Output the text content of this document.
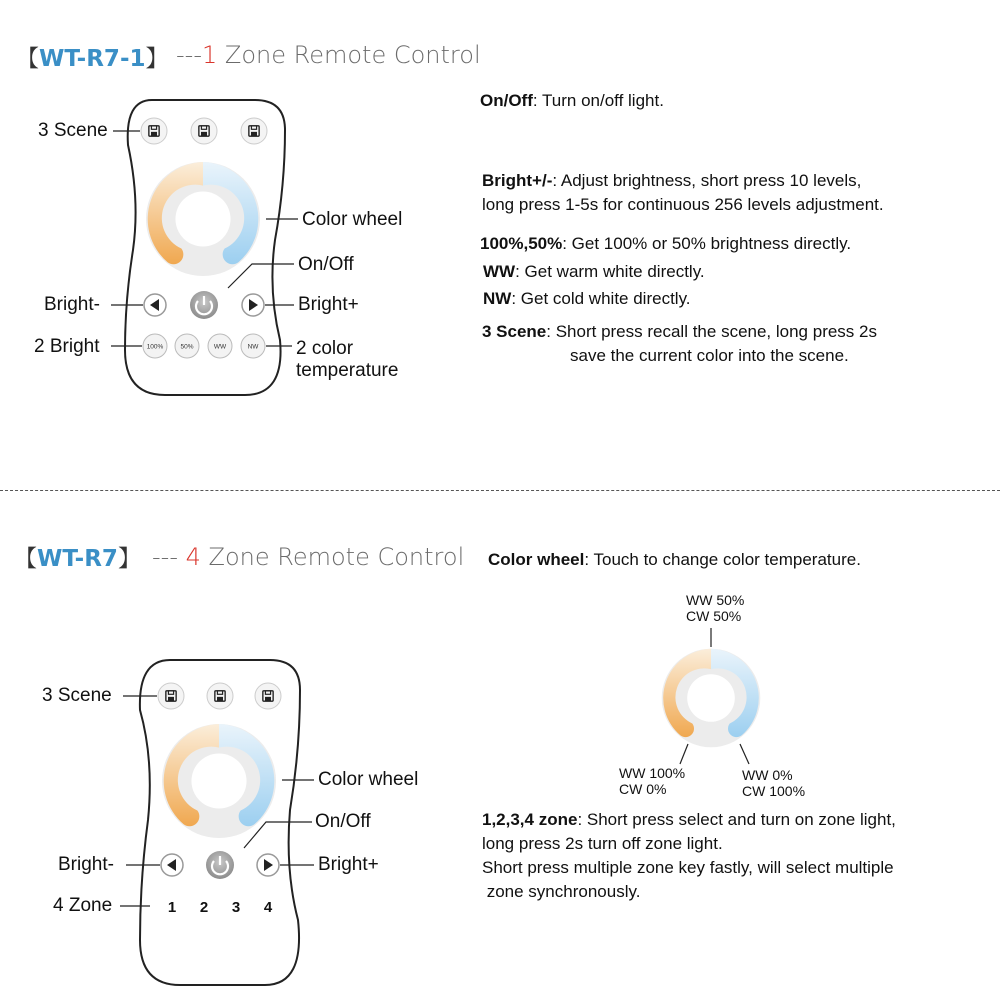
【WT-R7-1】 ---1 Zone Remote Control
100%	50%	WW	NW
3 Scene
Color wheel
On/Off
Bright-	Bright+
2 Bright	2 color
temperature
On/Off: Turn on/off light.
Bright+/-: Adjust brightness, short press 10 levels,
long press 1-5s for continuous 256 levels adjustment.
100%,50%: Get 100% or 50% brightness directly.
WW: Get warm white directly.
NW: Get cold white directly.
3 Scene: Short press recall the scene, long press 2s
save the current color into the scene.
【WT-R7】 --- 4 Zone Remote Control
1 2 3 4
3 Scene
Color wheel
On/Off
Bright-	Bright+
4 Zone
Color wheel: Touch to change color temperature.
WW 50%
CW 50%
WW 100%
CW 0%
WW 0%
CW 100%
1,2,3,4 zone: Short press select and turn on zone light,
long press 2s turn off zone light.
Short press multiple zone key fastly, will select multiple
zone synchronously.
